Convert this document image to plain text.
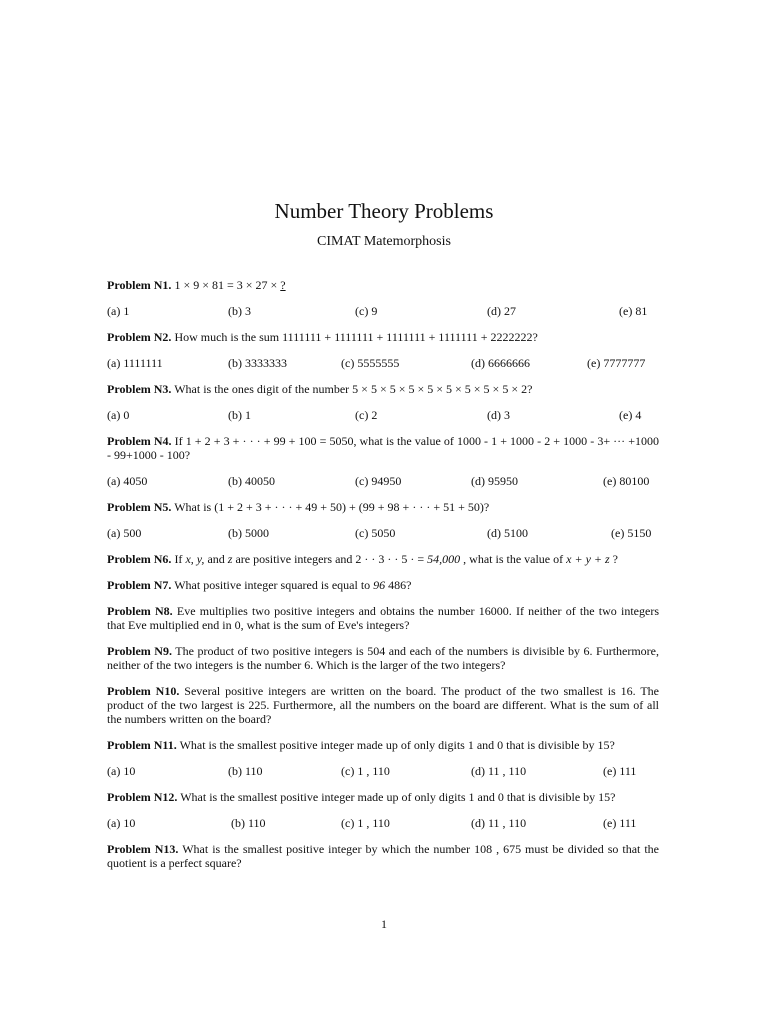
Number Theory Problems
CIMAT Matemorphosis

Problem N1. 1 × 9 × 81 = 3 × 27 × ?

(a) 1	(b) 3	(c) 9	(d) 27	(e) 81

Problem N2. How much is the sum 1111111 + 1111111 + 1111111 + 1111111 + 2222222?

(a) 1111111	(b) 3333333	(c) 5555555	(d) 6666666	(e) 7777777

Problem N3. What is the ones digit of the number 5 × 5 × 5 × 5 × 5 × 5 × 5 × 5 × 5 × 2?

(a) 0	(b) 1	(c) 2	(d) 3	(e) 4

Problem N4. If 1 + 2 + 3 + · · · + 99 + 100 = 5050, what is the value of 1000 - 1 + 1000 - 2 + 1000 - 3+ ··· +1000 - 99+1000 - 100?

(a) 4050	(b) 40050	(c) 94950	(d) 95950	(e) 80100

Problem N5. What is (1 + 2 + 3 + · · · + 49 + 50) + (99 + 98 + · · · + 51 + 50)?

(a) 500	(b) 5000	(c) 5050	(d) 5100	(e) 5150

Problem N6. If x, y, and z are positive integers and 2 · · 3 · · 5 · = 54,000 , what is the value of x + y + z ?

Problem N7. What positive integer squared is equal to 96 486?

Problem N8. Eve multiplies two positive integers and obtains the number 16000. If neither of the two integers that Eve multiplied end in 0, what is the sum of Eve's integers?

Problem N9. The product of two positive integers is 504 and each of the numbers is divisible by 6. Furthermore, neither of the two integers is the number 6. Which is the larger of the two integers?

Problem N10. Several positive integers are written on the board. The product of the two smallest is 16. The product of the two largest is 225. Furthermore, all the numbers on the board are different. What is the sum of all the numbers written on the board?

Problem N11. What is the smallest positive integer made up of only digits 1 and 0 that is divisible by 15?

(a) 10	(b) 110	(c) 1 , 110	(d) 11 , 110	(e) 111

Problem N12. What is the smallest positive integer made up of only digits 1 and 0 that is divisible by 15?

(a) 10	(b) 110	(c) 1 , 110	(d) 11 , 110	(e) 111

Problem N13. What is the smallest positive integer by which the number 108 , 675 must be divided so that the quotient is a perfect square?

1
